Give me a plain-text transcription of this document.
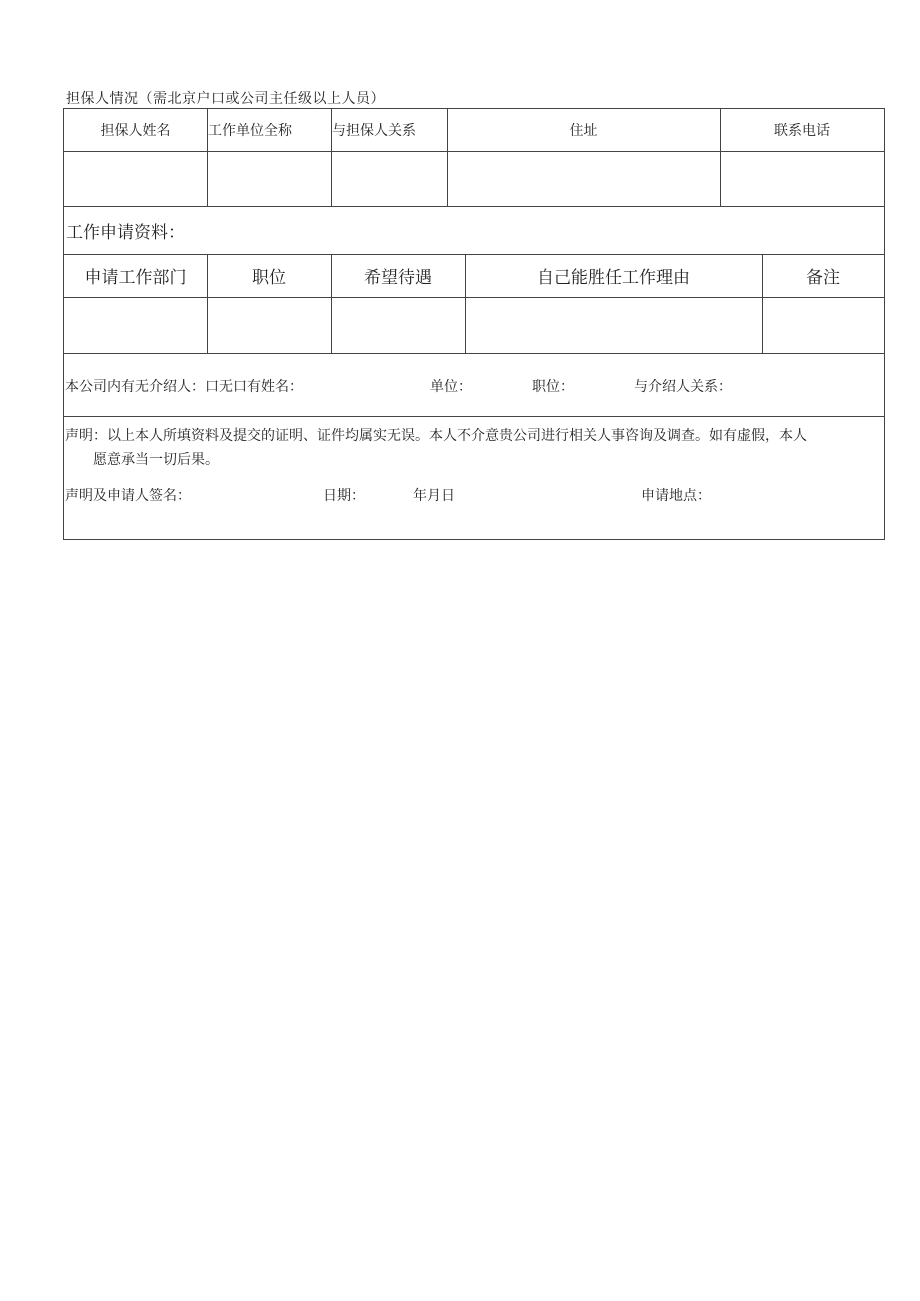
担保人情况（需北京户口或公司主任级以上人员）
担保人姓名	工作单位全称	与担保人关系	住址	联系电话
工作申请资料：
申请工作部门	职位	希望待遇	自己能胜任工作理由	备注
本公司内有无介绍人：口无口有姓名：	单位：	职位：	与介绍人关系：
声明：以上本人所填资料及提交的证明、证件均属实无误。本人不介意贵公司进行相关人事咨询及调查。如有虚假，本人
愿意承当一切后果。
声明及申请人签名：	日期：	年月日	申请地点：
